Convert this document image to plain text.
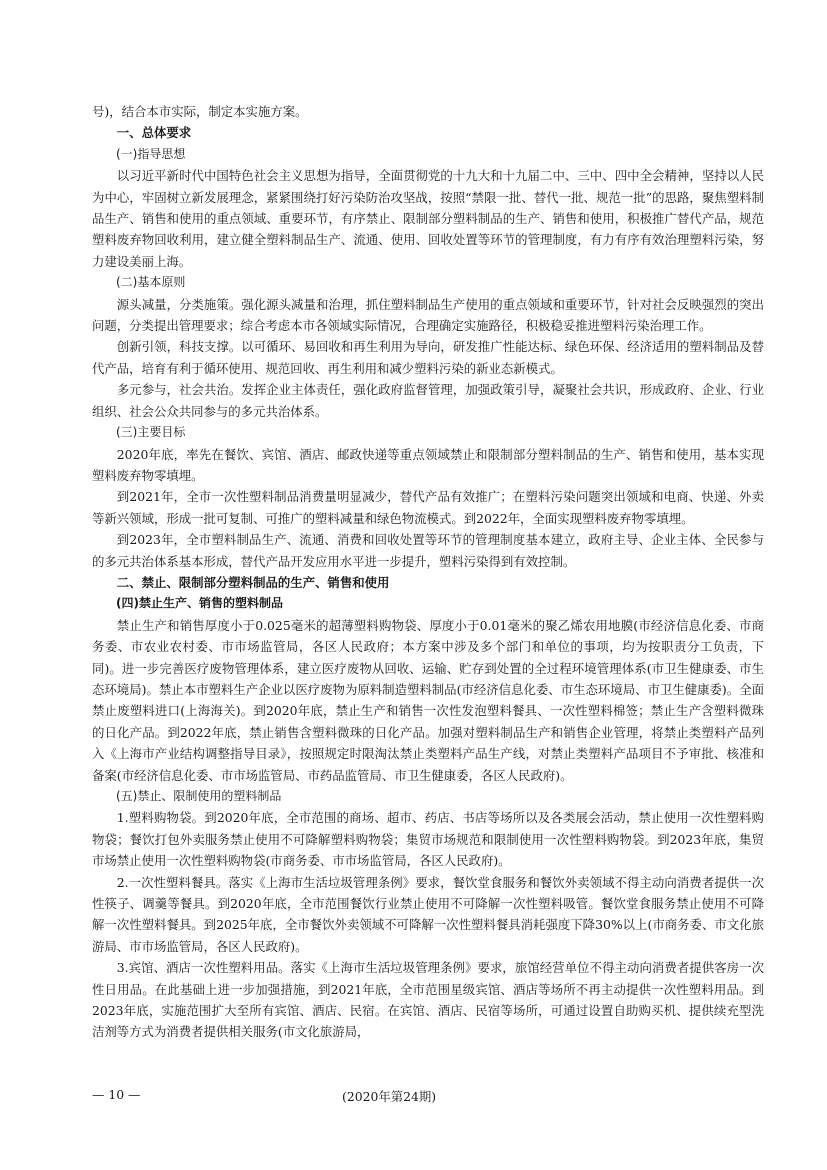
号)，结合本市实际，制定本实施方案。

一、总体要求

(一)指导思想

以习近平新时代中国特色社会主义思想为指导，全面贯彻党的十九大和十九届二中、三中、四中全会精神，坚持以人民为中心，牢固树立新发展理念，紧紧围绕打好污染防治攻坚战，按照“禁限一批、替代一批、规范一批”的思路，聚焦塑料制品生产、销售和使用的重点领域、重要环节，有序禁止、限制部分塑料制品的生产、销售和使用，积极推广替代产品，规范塑料废弃物回收利用，建立健全塑料制品生产、流通、使用、回收处置等环节的管理制度，有力有序有效治理塑料污染，努力建设美丽上海。

(二)基本原则

源头减量，分类施策。强化源头减量和治理，抓住塑料制品生产使用的重点领域和重要环节，针对社会反映强烈的突出问题，分类提出管理要求；综合考虑本市各领域实际情况，合理确定实施路径，积极稳妥推进塑料污染治理工作。

创新引领，科技支撑。以可循环、易回收和再生利用为导向，研发推广性能达标、绿色环保、经济适用的塑料制品及替代产品，培育有利于循环使用、规范回收、再生利用和减少塑料污染的新业态新模式。

多元参与，社会共治。发挥企业主体责任，强化政府监督管理，加强政策引导，凝聚社会共识，形成政府、企业、行业组织、社会公众共同参与的多元共治体系。

(三)主要目标

2020年底，率先在餐饮、宾馆、酒店、邮政快递等重点领域禁止和限制部分塑料制品的生产、销售和使用，基本实现塑料废弃物零填埋。

到2021年，全市一次性塑料制品消费量明显减少，替代产品有效推广；在塑料污染问题突出领域和电商、快递、外卖等新兴领域，形成一批可复制、可推广的塑料减量和绿色物流模式。到2022年，全面实现塑料废弃物零填埋。

到2023年，全市塑料制品生产、流通、消费和回收处置等环节的管理制度基本建立，政府主导、企业主体、全民参与的多元共治体系基本形成，替代产品开发应用水平进一步提升，塑料污染得到有效控制。

二、禁止、限制部分塑料制品的生产、销售和使用

(四)禁止生产、销售的塑料制品

禁止生产和销售厚度小于0.025毫米的超薄塑料购物袋、厚度小于0.01毫米的聚乙烯农用地膜(市经济信息化委、市商务委、市农业农村委、市市场监管局，各区人民政府；本方案中涉及多个部门和单位的事项，均为按职责分工负责，下同)。进一步完善医疗废物管理体系，建立医疗废物从回收、运输、贮存到处置的全过程环境管理体系(市卫生健康委、市生态环境局)。禁止本市塑料生产企业以医疗废物为原料制造塑料制品(市经济信息化委、市生态环境局、市卫生健康委)。全面禁止废塑料进口(上海海关)。到2020年底，禁止生产和销售一次性发泡塑料餐具、一次性塑料棉签；禁止生产含塑料微珠的日化产品。到2022年底，禁止销售含塑料微珠的日化产品。加强对塑料制品生产和销售企业管理，将禁止类塑料产品列入《上海市产业结构调整指导目录》，按照规定时限淘汰禁止类塑料产品生产线，对禁止类塑料产品项目不予审批、核准和备案(市经济信息化委、市市场监管局、市药品监管局、市卫生健康委，各区人民政府)。

(五)禁止、限制使用的塑料制品

1.塑料购物袋。到2020年底，全市范围的商场、超市、药店、书店等场所以及各类展会活动，禁止使用一次性塑料购物袋；餐饮打包外卖服务禁止使用不可降解塑料购物袋；集贸市场规范和限制使用一次性塑料购物袋。到2023年底，集贸市场禁止使用一次性塑料购物袋(市商务委、市市场监管局，各区人民政府)。

2.一次性塑料餐具。落实《上海市生活垃圾管理条例》要求，餐饮堂食服务和餐饮外卖领域不得主动向消费者提供一次性筷子、调羹等餐具。到2020年底，全市范围餐饮行业禁止使用不可降解一次性塑料吸管。餐饮堂食服务禁止使用不可降解一次性塑料餐具。到2025年底，全市餐饮外卖领域不可降解一次性塑料餐具消耗强度下降30%以上(市商务委、市文化旅游局、市市场监管局，各区人民政府)。

3.宾馆、酒店一次性塑料用品。落实《上海市生活垃圾管理条例》要求，旅馆经营单位不得主动向消费者提供客房一次性日用品。在此基础上进一步加强措施，到2021年底，全市范围星级宾馆、酒店等场所不再主动提供一次性塑料用品。到2023年底，实施范围扩大至所有宾馆、酒店、民宿。在宾馆、酒店、民宿等场所，可通过设置自助购买机、提供续充型洗洁剂等方式为消费者提供相关服务(市文化旅游局，

— 10 —	(2020年第24期)
